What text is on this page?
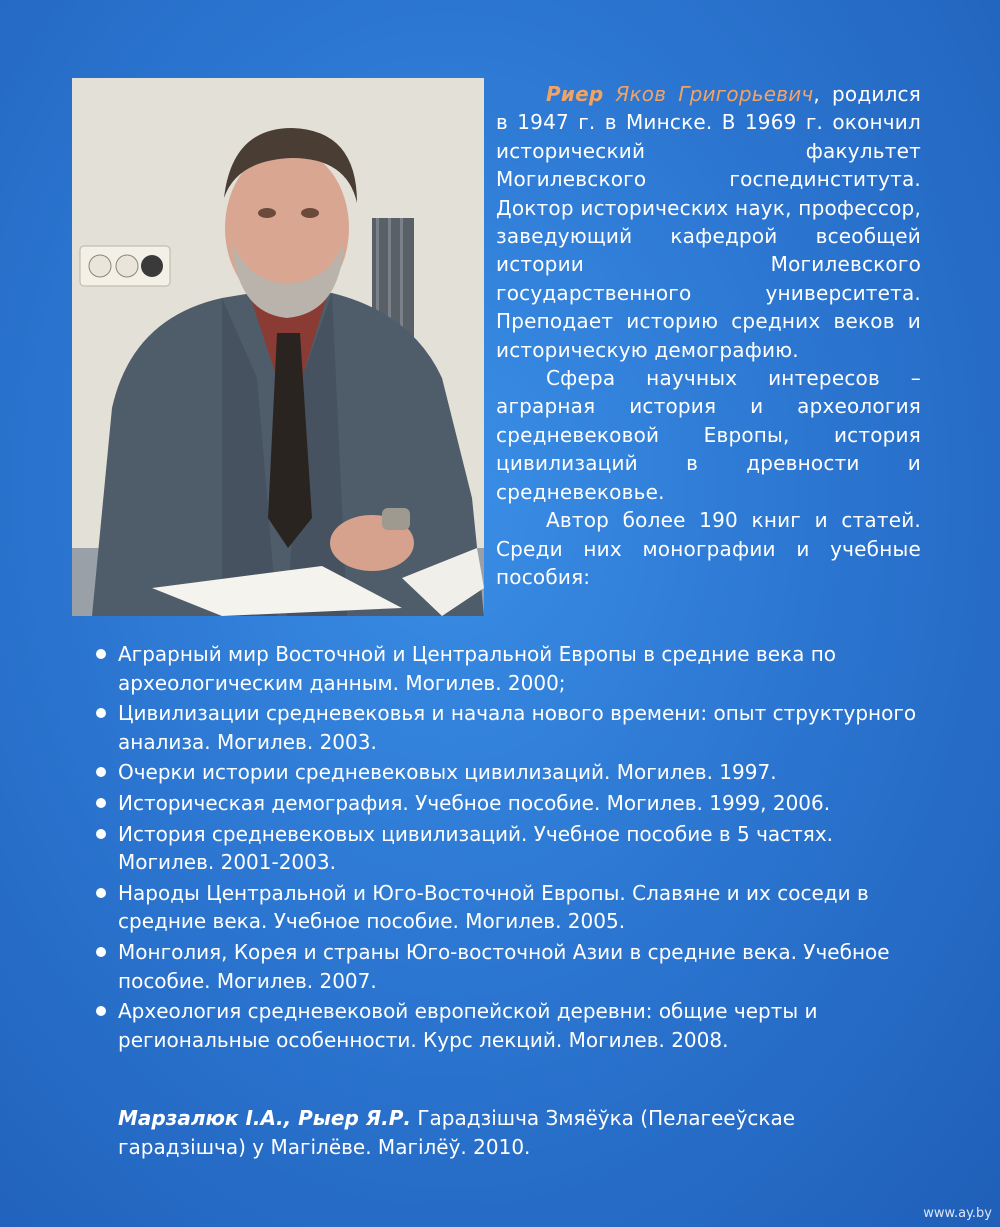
Риер Яков Григорьевич, родился в 1947 г. в Минске. В 1969 г. окончил исторический факультет Могилевского госпединститута. Доктор исторических наук, профессор, заведующий кафедрой всеобщей истории Могилевского государственного университета. Преподает историю средних веков и историческую демографию.

Сфера научных интересов – аграрная история и археология средневековой Европы, история цивилизаций в древности и средневековье.

Автор более 190 книг и статей. Среди них монографии и учебные пособия:

Аграрный мир Восточной и Центральной Европы в средние века по археологическим данным. Могилев. 2000;
Цивилизации средневековья и начала нового времени: опыт структурного анализа. Могилев. 2003.
Очерки истории средневековых цивилизаций. Могилев. 1997.
Историческая демография. Учебное пособие. Могилев. 1999, 2006.
История средневековых цивилизаций. Учебное пособие в 5 частях. Могилев. 2001-2003.
Народы Центральной и Юго-Восточной Европы. Славяне и их соседи в средние века. Учебное пособие. Могилев. 2005.
Монголия, Корея и страны Юго-восточной Азии в средние века. Учебное пособие. Могилев. 2007.
Археология средневековой европейской деревни: общие черты и региональные особенности. Курс лекций. Могилев. 2008.
Марзалюк І.А., Рыер Я.Р. Гарадзішча Змяёўка (Пелагееўскае гарадзішча) у Магілёве. Магілёў. 2010.
www.ay.by
